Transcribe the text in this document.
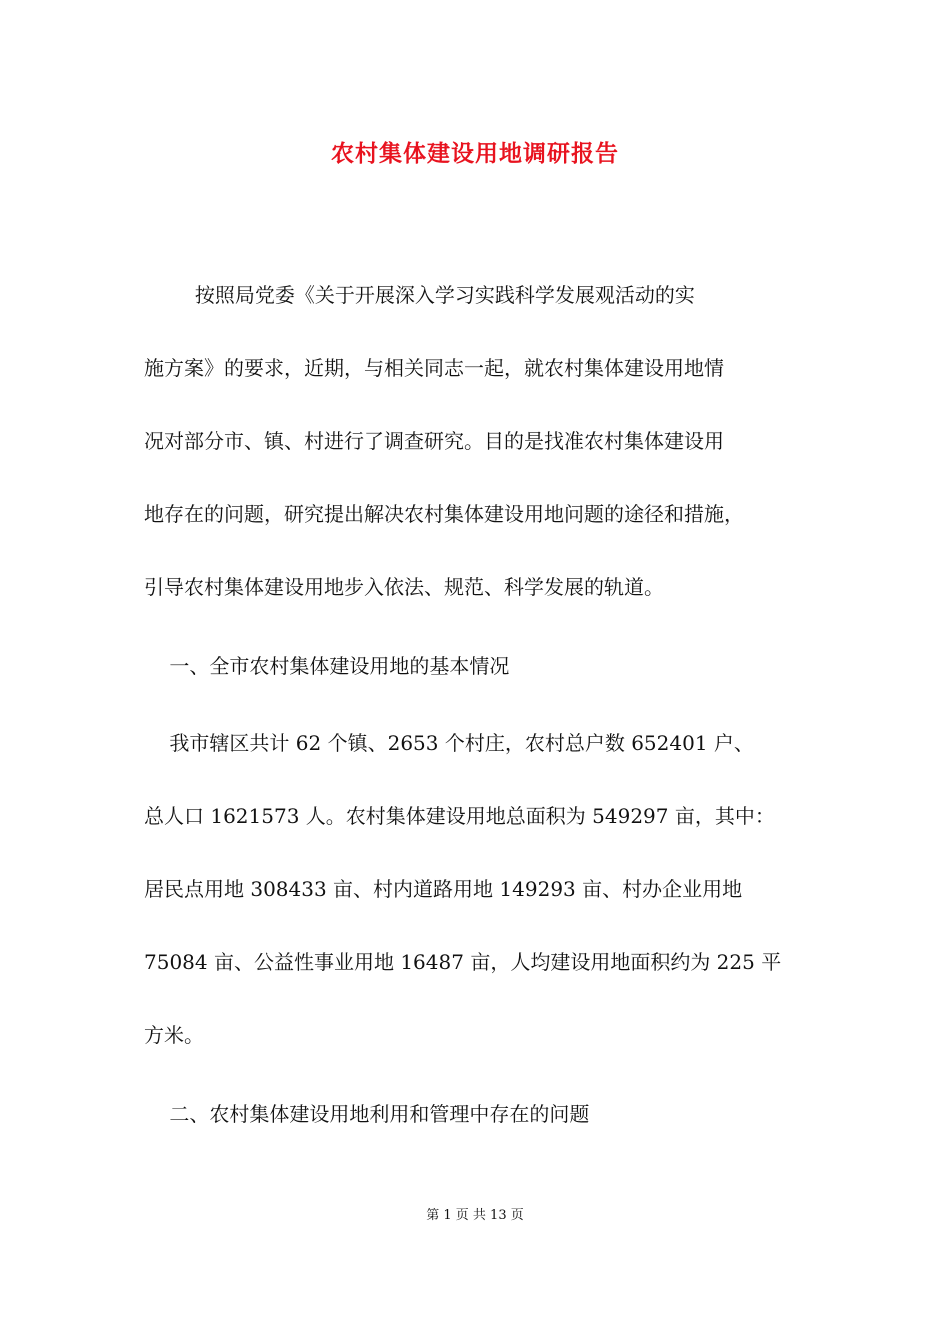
农村集体建设用地调研报告

按照局党委《关于开展深入学习实践科学发展观活动的实

施方案》的要求，近期，与相关同志一起，就农村集体建设用地情

况对部分市、镇、村进行了调查研究。目的是找准农村集体建设用

地存在的问题，研究提出解决农村集体建设用地问题的途径和措施，

引导农村集体建设用地步入依法、规范、科学发展的轨道。

一、全市农村集体建设用地的基本情况

我市辖区共计 62 个镇、2653 个村庄，农村总户数 652401 户、

总人口 1621573 人。农村集体建设用地总面积为 549297 亩，其中：

居民点用地 308433 亩、村内道路用地 149293 亩、村办企业用地

75084 亩、公益性事业用地 16487 亩，人均建设用地面积约为 225 平

方米。

二、农村集体建设用地利用和管理中存在的问题

第 1 页 共 13 页
